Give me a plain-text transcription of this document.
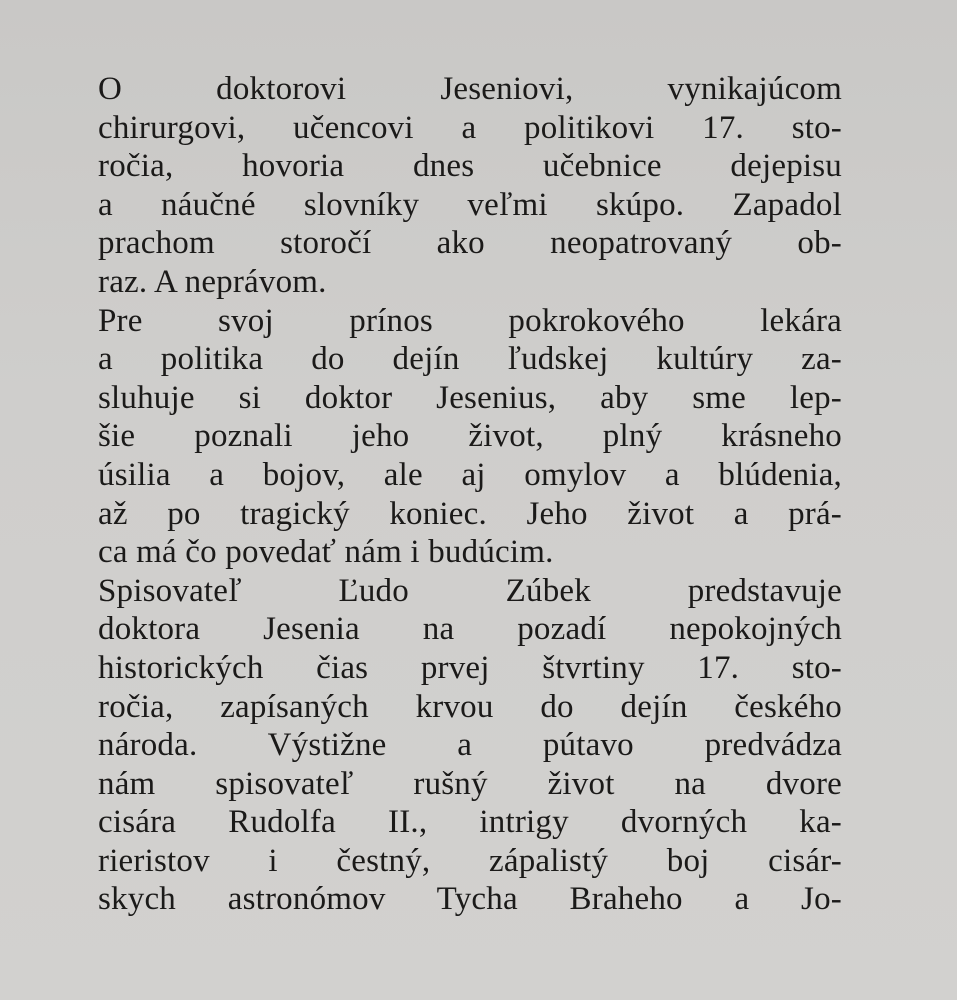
O doktorovi Jeseniovi, vynikajúcom
chirurgovi, učencovi a politikovi 17. sto-
ročia, hovoria dnes učebnice dejepisu
a náučné slovníky veľmi skúpo. Zapadol
prachom storočí ako neopatrovaný ob-
raz. A neprávom.
Pre svoj prínos pokrokového lekára
a politika do dejín ľudskej kultúry za-
sluhuje si doktor Jesenius, aby sme lep-
šie poznali jeho život, plný krásneho
úsilia a bojov, ale aj omylov a blúdenia,
až po tragický koniec. Jeho život a prá-
ca má čo povedať nám i budúcim.
Spisovateľ Ľudo Zúbek predstavuje
doktora Jesenia na pozadí nepokojných
historických čias prvej štvrtiny 17. sto-
ročia, zapísaných krvou do dejín českého
národa. Výstižne a pútavo predvádza
nám spisovateľ rušný život na dvore
cisára Rudolfa II., intrigy dvorných ka-
rieristov i čestný, zápalistý boj cisár-
skych astronómov Tycha Braheho a Jo-
